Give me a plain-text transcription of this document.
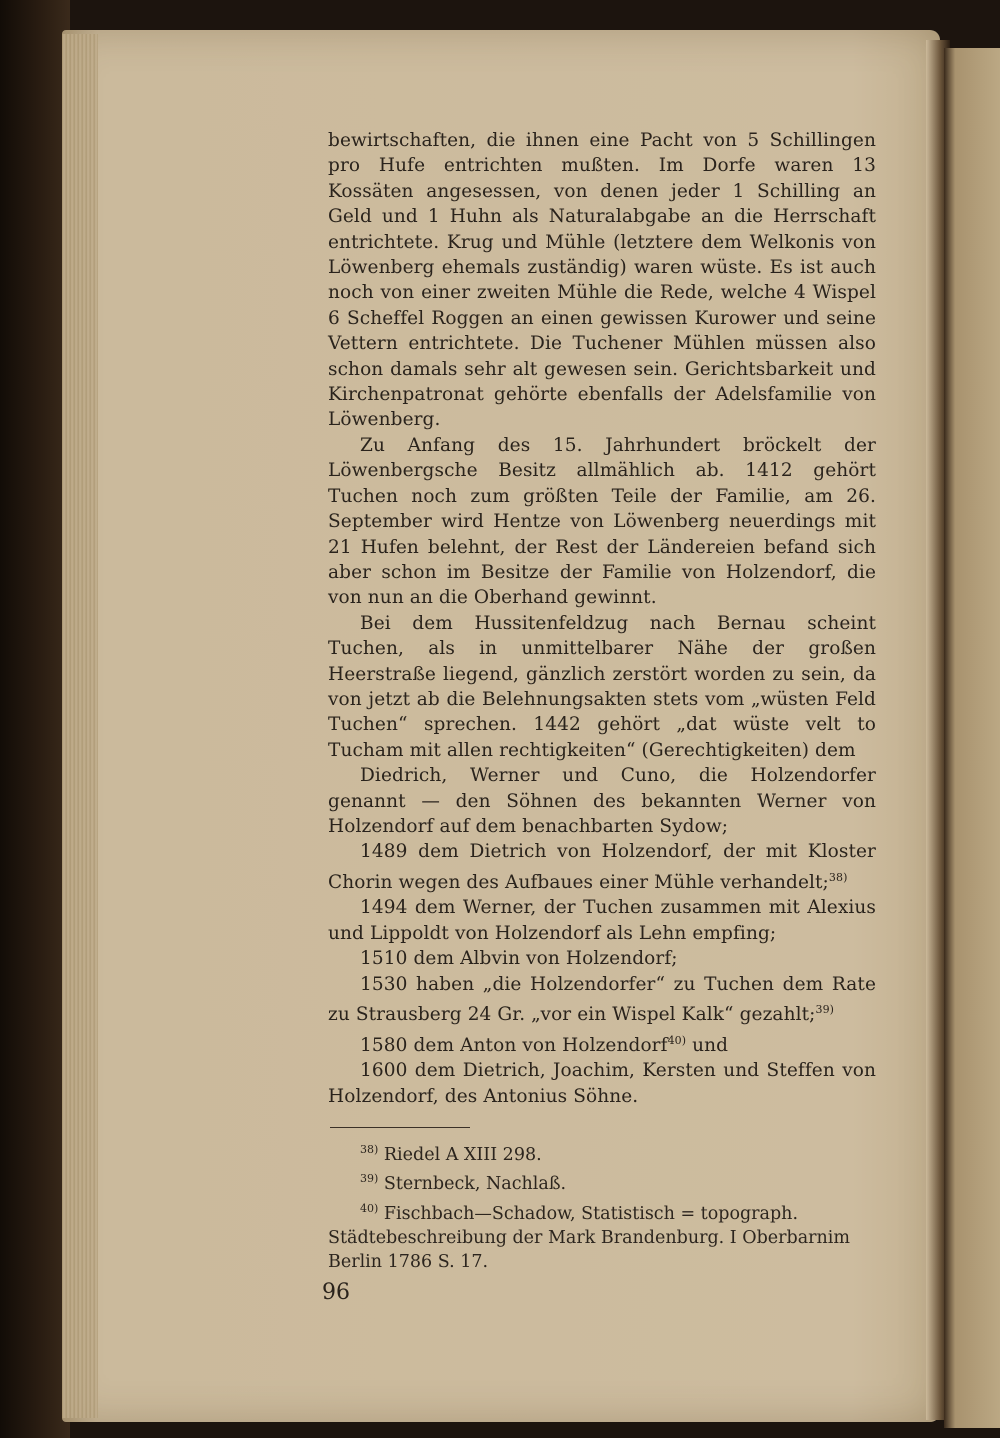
bewirtschaften, die ihnen eine Pacht von 5 Schillingen pro Hufe entrichten mußten. Im Dorfe waren 13 Kossäten angesessen, von denen jeder 1 Schilling an Geld und 1 Huhn als Naturalabgabe an die Herrschaft entrichtete. Krug und Mühle (letztere dem Welkonis von Löwenberg ehemals zuständig) waren wüste. Es ist auch noch von einer zweiten Mühle die Rede, welche 4 Wispel 6 Scheffel Roggen an einen gewissen Kurower und seine Vettern entrichtete. Die Tuchener Mühlen müssen also schon damals sehr alt gewesen sein. Gerichtsbarkeit und Kirchenpatronat gehörte ebenfalls der Adelsfamilie von Löwenberg.

Zu Anfang des 15. Jahrhundert bröckelt der Löwenbergsche Besitz allmählich ab. 1412 gehört Tuchen noch zum größten Teile der Familie, am 26. September wird Hentze von Löwenberg neuerdings mit 21 Hufen belehnt, der Rest der Ländereien befand sich aber schon im Besitze der Familie von Holzendorf, die von nun an die Oberhand gewinnt.

Bei dem Hussitenfeldzug nach Bernau scheint Tuchen, als in unmittelbarer Nähe der großen Heerstraße liegend, gänzlich zerstört worden zu sein, da von jetzt ab die Belehnungsakten stets vom „wüsten Feld Tuchen“ sprechen. 1442 gehört „dat wüste velt to Tucham mit allen rechtigkeiten“ (Gerechtigkeiten) dem

Diedrich, Werner und Cuno, die Holzendorfer genannt — den Söhnen des bekannten Werner von Holzendorf auf dem benachbarten Sydow;

1489 dem Dietrich von Holzendorf, der mit Kloster Chorin wegen des Aufbaues einer Mühle verhandelt;$^{38)}$

1494 dem Werner, der Tuchen zusammen mit Alexius und Lippoldt von Holzendorf als Lehn empfing;

1510 dem Albvin von Holzendorf;

1530 haben „die Holzendorfer“ zu Tuchen dem Rate zu Strausberg 24 Gr. „vor ein Wispel Kalk“ gezahlt;$^{39)}$

1580 dem Anton von Holzendorf$^{40)}$ und

1600 dem Dietrich, Joachim, Kersten und Steffen von Holzendorf, des Antonius Söhne.

$^{38)}$ Riedel A XIII 298.

$^{39)}$ Sternbeck, Nachlaß.

$^{40)}$ Fischbach—Schadow, Statistisch = topograph. Städtebeschreibung der Mark Brandenburg. I Oberbarnim Berlin 1786 S. 17.

96
